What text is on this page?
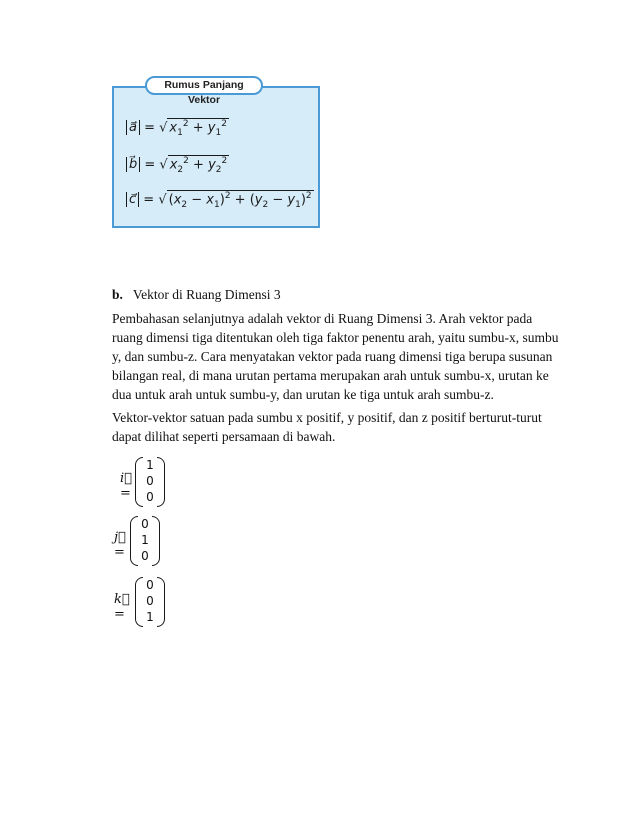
Rumus Panjang Vektor
a⃗ = √ $x_1^2 + y_1^2$
b⃗ = √ $x_2^2 + y_2^2$
c⃗ = √ $(x_2 - x_1)^2 + (y_2 - y_1)^2$
b. Vektor di Ruang Dimensi 3
Pembahasan selanjutnya adalah vektor di Ruang Dimensi 3. Arah vektor pada ruang dimensi tiga ditentukan oleh tiga faktor penentu arah, yaitu sumbu-x, sumbu y, dan sumbu-z. Cara menyatakan vektor pada ruang dimensi tiga berupa susunan bilangan real, di mana urutan pertama merupakan arah untuk sumbu-x, urutan ke dua untuk arah untuk sumbu-y, dan urutan ke tiga untuk arah sumbu-z.
Vektor-vektor satuan pada sumbu x positif, y positif, dan z positif berturut-turut dapat dilihat seperti persamaan di bawah.
i⃗ =
1
0
0
j⃗ =
0
1
0
k⃗ =
0
0
1
